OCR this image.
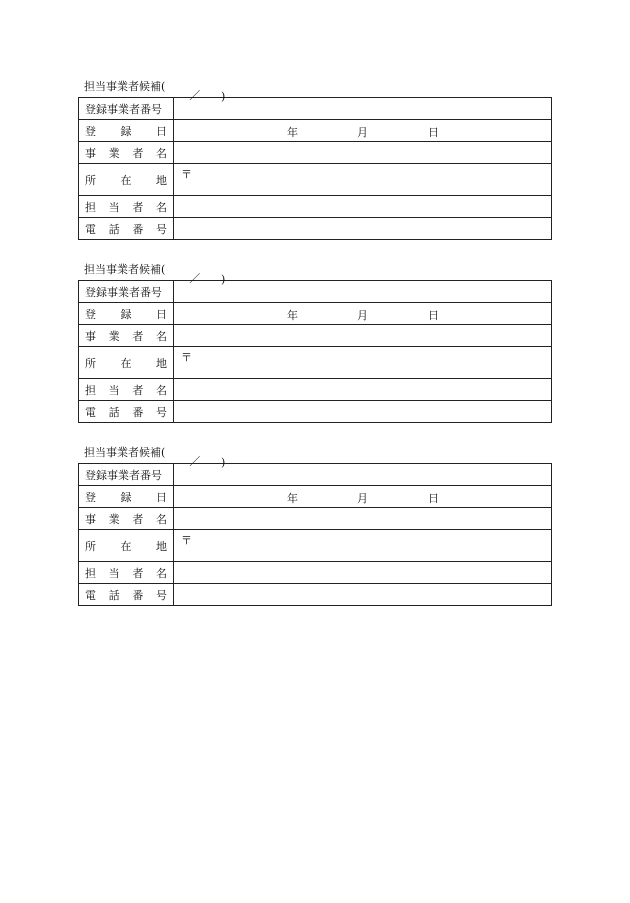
担当事業者候補(
／ )
登録事業者番号	

登 録 日	年 月 日

事 業 者 名	

所 在 地	〒

担 当 者 名	

電 話 番 号	

担当事業者候補(
／ )
登録事業者番号	

登 録 日	年 月 日

事 業 者 名	

所 在 地	〒

担 当 者 名	

電 話 番 号	

担当事業者候補(
／ )
登録事業者番号	

登 録 日	年 月 日

事 業 者 名	

所 在 地	〒

担 当 者 名	

電 話 番 号	
